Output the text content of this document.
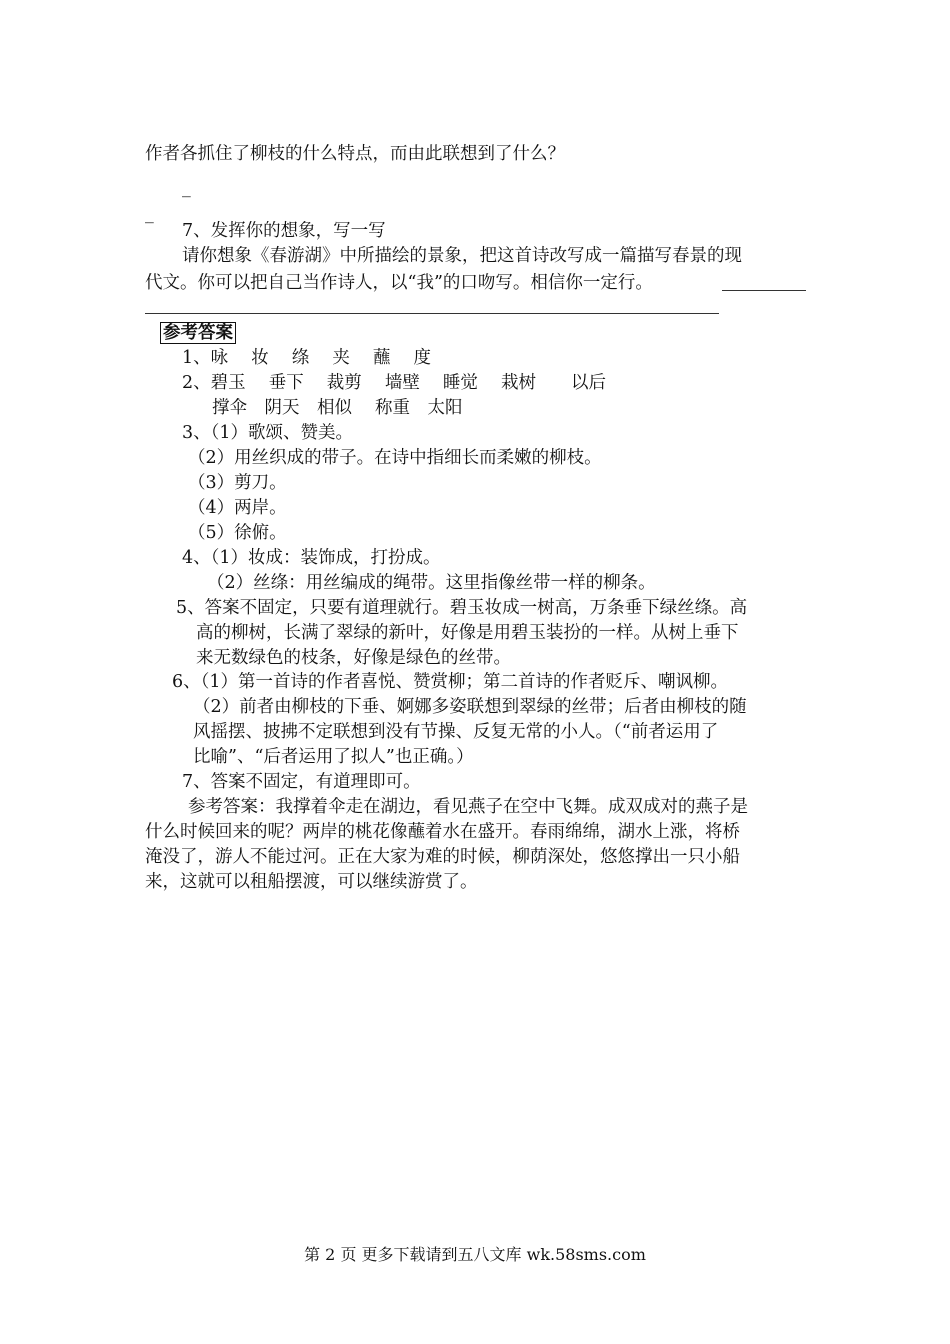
作者各抓住了柳枝的什么特点，而由此联想到了什么？
_
_
7、发挥你的想象，写一写
请你想象《春游湖》中所描绘的景象，把这首诗改写成一篇描写春景的现
代文。你可以把自己当作诗人，以“我”的口吻写。相信你一定行。
参考答案
1、咏　 妆　 绦　 夹　 蘸　 度
2、碧玉　 垂下　 裁剪　 墙壁　 睡觉　 栽树　　以后
撑伞　阴天　相似　 称重　太阳
3、（1）歌颂、赞美。
（2）用丝织成的带子。在诗中指细长而柔嫩的柳枝。
（3）剪刀。
（4）两岸。
（5）徐俯。
4、（1）妆成：装饰成，打扮成。
（2）丝绦：用丝编成的绳带。这里指像丝带一样的柳条。
5、答案不固定，只要有道理就行。碧玉妆成一树高，万条垂下绿丝绦。高
高的柳树，长满了翠绿的新叶，好像是用碧玉装扮的一样。从树上垂下
来无数绿色的枝条，好像是绿色的丝带。
6、（1）第一首诗的作者喜悦、赞赏柳；第二首诗的作者贬斥、嘲讽柳。
（2）前者由柳枝的下垂、婀娜多姿联想到翠绿的丝带；后者由柳枝的随
风摇摆、披拂不定联想到没有节操、反复无常的小人。（“前者运用了
比喻”、“后者运用了拟人”也正确。）
7、答案不固定，有道理即可。
参考答案：我撑着伞走在湖边，看见燕子在空中飞舞。成双成对的燕子是
什么时候回来的呢？两岸的桃花像蘸着水在盛开。春雨绵绵，湖水上涨，将桥
淹没了，游人不能过河。正在大家为难的时候，柳荫深处，悠悠撑出一只小船
来，这就可以租船摆渡，可以继续游赏了。
第 2 页 更多下载请到五八文库 wk.58sms.com
